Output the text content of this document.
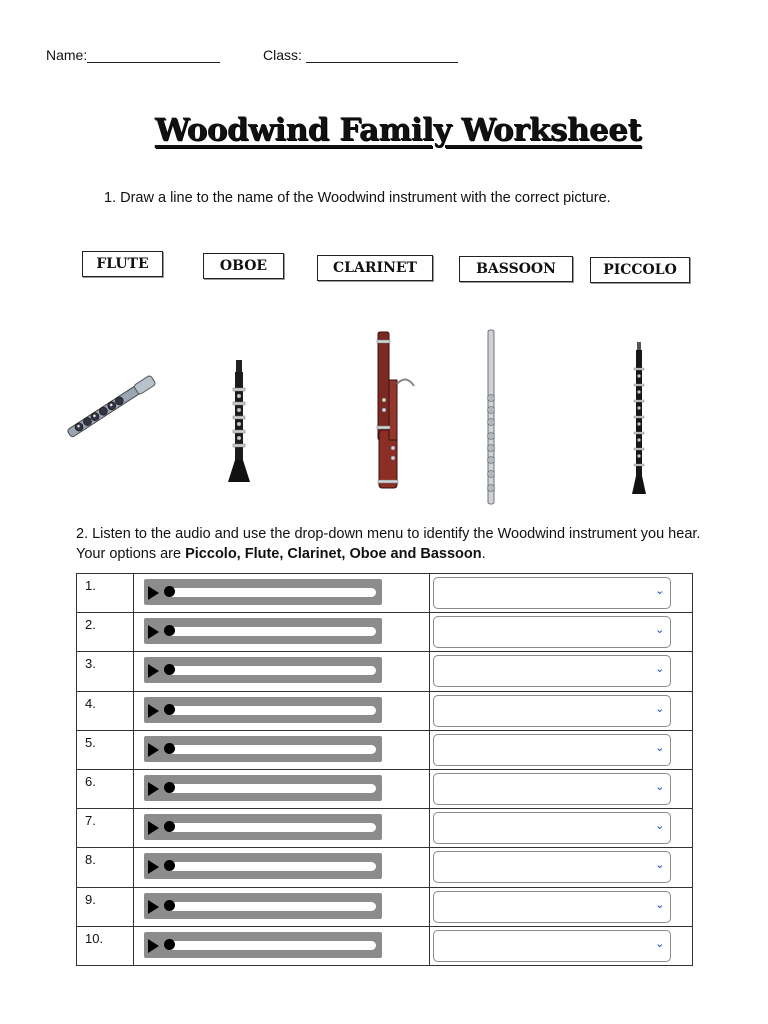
Name:	Class:
Woodwind Family Worksheet
1. Draw a line to the name of the Woodwind instrument with the correct picture.
FLUTE	OBOE	CLARINET	BASSOON	PICCOLO
2. Listen to the audio and use the drop-down menu to identify the Woodwind instrument you hear. Your options are Piccolo, Flute, Clarinet, Oboe and Bassoon.
1.		⌄

2.		⌄

3.		⌄

4.		⌄

5.		⌄

6.		⌄

7.		⌄

8.		⌄

9.		⌄

10.		⌄
